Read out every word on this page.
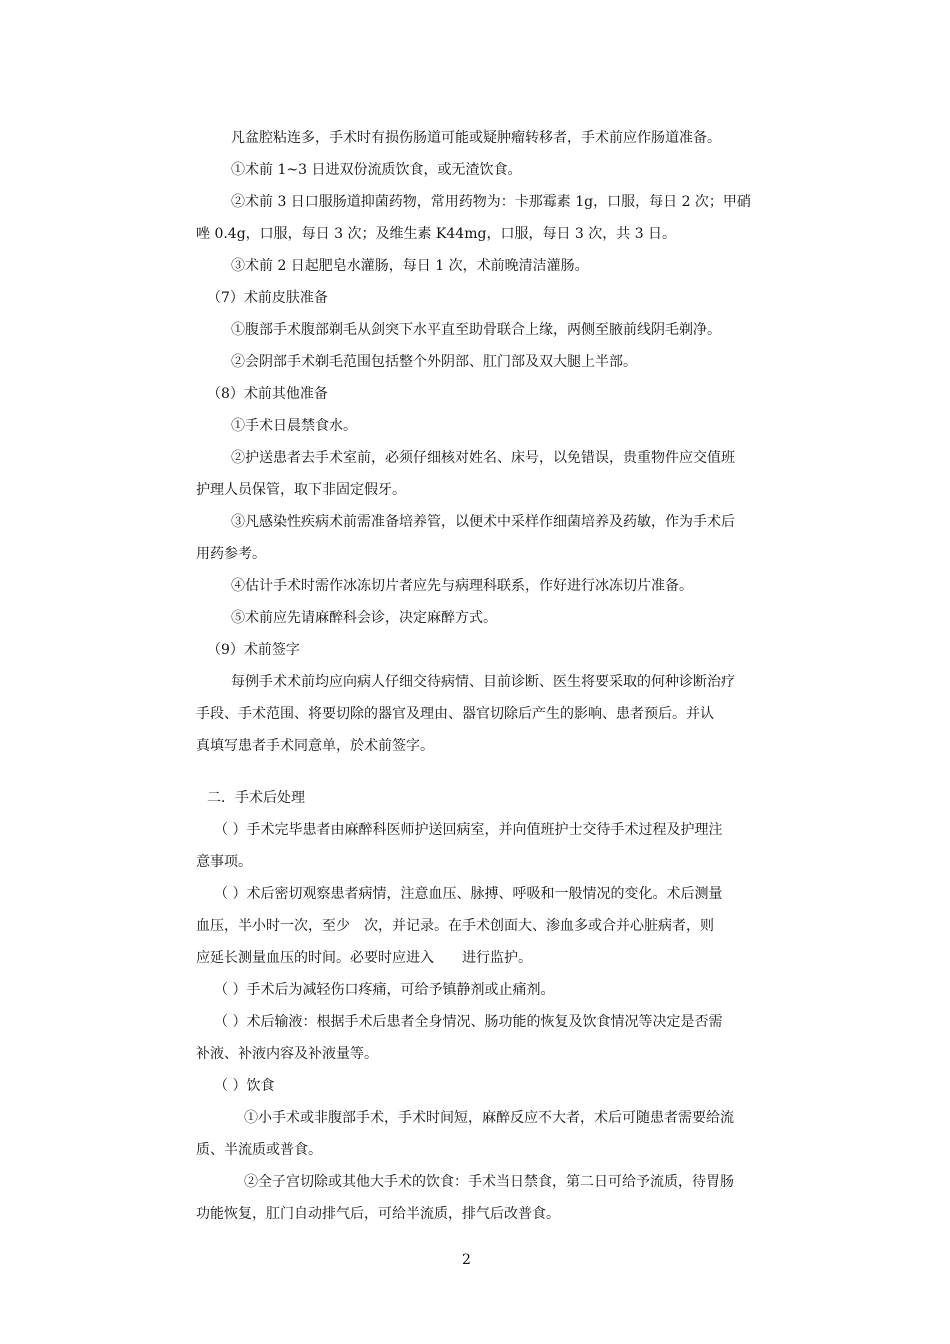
凡盆腔粘连多，手术时有损伤肠道可能或疑肿瘤转移者，手术前应作肠道准备。
①术前 1~3 日进双份流质饮食，或无渣饮食。
②术前 3 日口服肠道抑菌药物，常用药物为：卡那霉素 1g，口服，每日 2 次；甲硝
唑 0.4g，口服，每日 3 次；及维生素 K44mg，口服，每日 3 次，共 3 日。
③术前 2 日起肥皂水灌肠，每日 1 次，术前晚清洁灌肠。
（7）术前皮肤准备
①腹部手术腹部剃毛从剑突下水平直至助骨联合上缘，两侧至腋前线阴毛剃净。
②会阴部手术剃毛范围包括整个外阴部、肛门部及双大腿上半部。
（8）术前其他准备
①手术日晨禁食水。
②护送患者去手术室前，必须仔细核对姓名、床号，以免错误，贵重物件应交值班
护理人员保管，取下非固定假牙。
③凡感染性疾病术前需准备培养管，以便术中采样作细菌培养及药敏，作为手术后
用药参考。
④估计手术时需作冰冻切片者应先与病理科联系，作好进行冰冻切片准备。
⑤术前应先请麻醉科会诊，决定麻醉方式。
（9）术前签字
每例手术术前均应向病人仔细交待病情、目前诊断、医生将要采取的何种诊断治疗
手段、手术范围、将要切除的器官及理由、器官切除后产生的影响、患者预后。并认
真填写患者手术同意单，於术前签字。
二．手术后处理
（ ）手术完毕患者由麻醉科医师护送回病室，并向值班护士交待手术过程及护理注
意事项。
（ ）术后密切观察患者病情，注意血压、脉搏、呼吸和一般情况的变化。术后测量
血压，半小时一次，至少　次，并记录。在手术创面大、渗血多或合并心脏病者，则
应延长测量血压的时间。必要时应进入　　进行监护。
（ ）手术后为减轻伤口疼痛，可给予镇静剂或止痛剂。
（ ）术后输液：根据手术后患者全身情况、肠功能的恢复及饮食情况等决定是否需
补液、补液内容及补液量等。
（ ）饮食
①小手术或非腹部手术，手术时间短，麻醉反应不大者，术后可随患者需要给流
质、半流质或普食。
②全子宫切除或其他大手术的饮食：手术当日禁食，第二日可给予流质，待胃肠
功能恢复，肛门自动排气后，可给半流质，排气后改普食。
2
